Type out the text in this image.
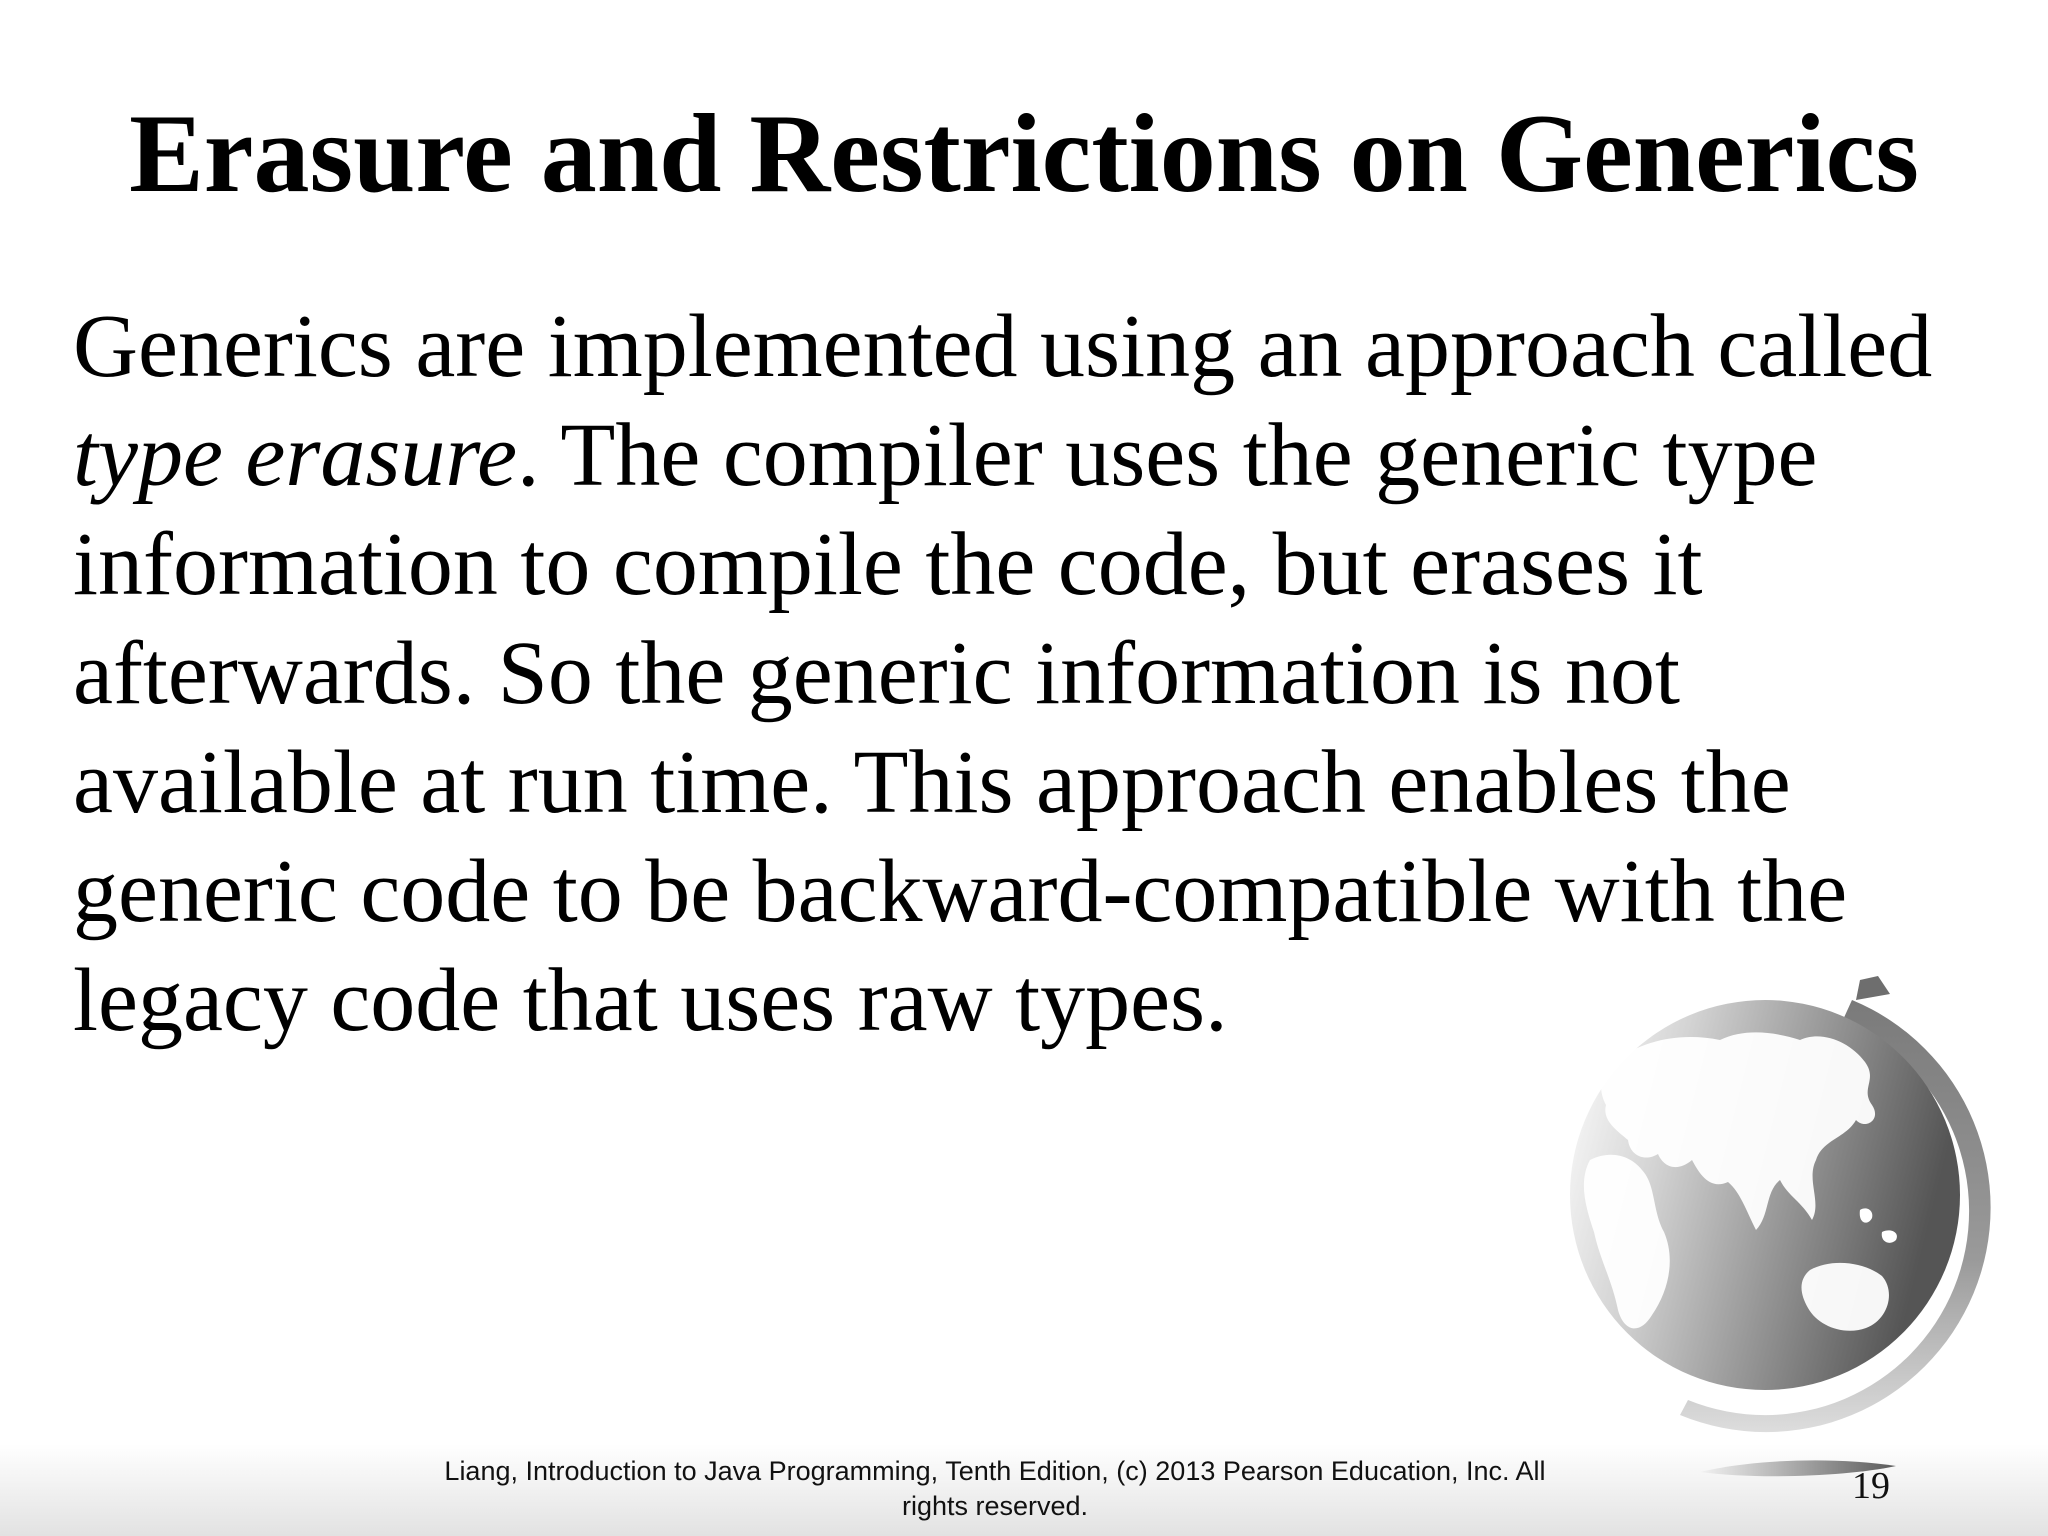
Erasure and Restrictions on Generics
Generics are implemented using an approach called
type erasure. The compiler uses the generic type
information to compile the code, but erases it
afterwards. So the generic information is not
available at run time. This approach enables the
generic code to be backward-compatible with the
legacy code that uses raw types.
Liang, Introduction to Java Programming, Tenth Edition, (c) 2013 Pearson Education, Inc. All
rights reserved.	19
